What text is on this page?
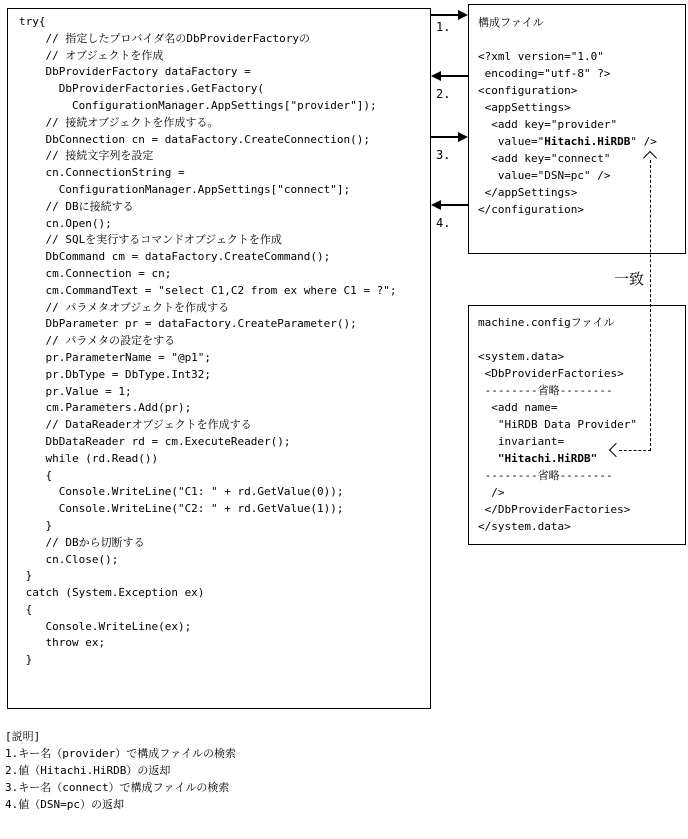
try{
// 指定したプロバイダ名のDbProviderFactoryの
// オブジェクトを作成
DbProviderFactory dataFactory =
DbProviderFactories.GetFactory(
ConfigurationManager.AppSettings["provider"]);
// 接続オブジェクトを作成する。
DbConnection cn = dataFactory.CreateConnection();
// 接続文字列を設定
cn.ConnectionString =
ConfigurationManager.AppSettings["connect"];
// DBに接続する
cn.Open();
// SQLを実行するコマンドオブジェクトを作成
DbCommand cm = dataFactory.CreateCommand();
cm.Connection = cn;
cm.CommandText = "select C1,C2 from ex where C1 = ?";
// パラメタオブジェクトを作成する
DbParameter pr = dataFactory.CreateParameter();
// パラメタの設定をする
pr.ParameterName = "@p1";
pr.DbType = DbType.Int32;
pr.Value = 1;
cm.Parameters.Add(pr);
// DataReaderオブジェクトを作成する
DbDataReader rd = cm.ExecuteReader();
while (rd.Read())
{
Console.WriteLine("C1: " + rd.GetValue(0));
Console.WriteLine("C2: " + rd.GetValue(1));
}
// DBから切断する
cn.Close();
}
catch (System.Exception ex)
{
Console.WriteLine(ex);
throw ex;
}
1.
2.
3.
4.
構成ファイル
<?xml version="1.0"
encoding="utf-8" ?>
<configuration>
<appSettings>
<add key="provider"
value="Hitachi.HiRDB" />
<add key="connect"
value="DSN=pc" />
</appSettings>
</configuration>
machine.configファイル
<system.data>
<DbProviderFactories>
--------省略--------
<add name=
"HiRDB Data Provider"
invariant=
"Hitachi.HiRDB"
--------省略--------
/>
</DbProviderFactories>
</system.data>
一致
[説明]
1.キー名（provider）で構成ファイルの検索
2.値（Hitachi.HiRDB）の返却
3.キー名（connect）で構成ファイルの検索
4.値（DSN=pc）の返却
